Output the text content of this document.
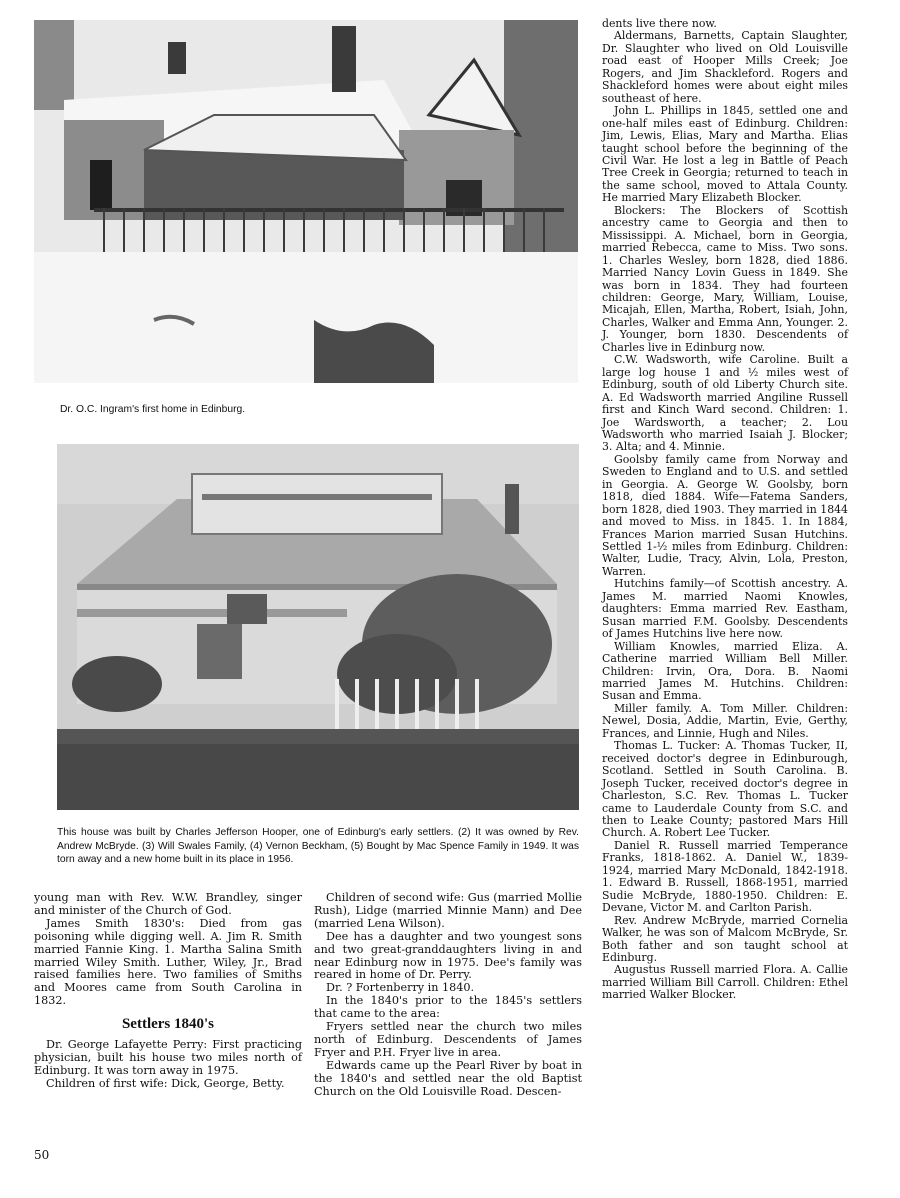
Dr. O.C. Ingram's first home in Edinburg.
This house was built by Charles Jefferson Hooper, one of Edinburg's early settlers. (2) It was owned by Rev. Andrew McBryde. (3) Will Swales Family, (4) Vernon Beckham, (5) Bought by Mac Spence Family in 1949. It was torn away and a new home built in its place in 1956.

young man with Rev. W.W. Brandley, singer and minister of the Church of God.

James Smith 1830's: Died from gas poisoning while digging well. A. Jim R. Smith married Fannie King. 1. Martha Salina Smith married Wiley Smith. Luther, Wiley, Jr., Brad raised families here. Two families of Smiths and Moores came from South Carolina in 1832.

Settlers 1840's

Dr. George Lafayette Perry: First practicing physician, built his house two miles north of Edinburg. It was torn away in 1975.

Children of first wife: Dick, George, Betty.

Children of second wife: Gus (married Mollie Rush), Lidge (married Minnie Mann) and Dee (married Lena Wilson).

Dee has a daughter and two youngest sons and two great-granddaughters living in and near Edinburg now in 1975. Dee's family was reared in home of Dr. Perry.

Dr. ? Fortenberry in 1840.

In the 1840's prior to the 1845's settlers that came to the area:

Fryers settled near the church two miles north of Edinburg. Descendents of James Fryer and P.H. Fryer live in area.

Edwards came up the Pearl River by boat in the 1840's and settled near the old Baptist Church on the Old Louisville Road. Descen-

dents live there now.

Aldermans, Barnetts, Captain Slaughter, Dr. Slaughter who lived on Old Louisville road east of Hooper Mills Creek; Joe Rogers, and Jim Shackleford. Rogers and Shackleford homes were about eight miles southeast of here.

John L. Phillips in 1845, settled one and one-half miles east of Edinburg. Children: Jim, Lewis, Elias, Mary and Martha. Elias taught school before the beginning of the Civil War. He lost a leg in Battle of Peach Tree Creek in Georgia; returned to teach in the same school, moved to Attala County. He married Mary Elizabeth Blocker.

Blockers: The Blockers of Scottish ancestry came to Georgia and then to Mississippi. A. Michael, born in Georgia, married Rebecca, came to Miss. Two sons. 1. Charles Wesley, born 1828, died 1886. Married Nancy Lovin Guess in 1849. She was born in 1834. They had fourteen children: George, Mary, William, Louise, Micajah, Ellen, Martha, Robert, Isiah, John, Charles, Walker and Emma Ann, Younger. 2. J. Younger, born 1830. Descendents of Charles live in Edinburg now.

C.W. Wadsworth, wife Caroline. Built a large log house 1 and ½ miles west of Edinburg, south of old Liberty Church site. A. Ed Wadsworth married Angiline Russell first and Kinch Ward second. Children: 1. Joe Wardsworth, a teacher; 2. Lou Wadsworth who married Isaiah J. Blocker; 3. Alta; and 4. Minnie.

Goolsby family came from Norway and Sweden to England and to U.S. and settled in Georgia. A. George W. Goolsby, born 1818, died 1884. Wife—Fatema Sanders, born 1828, died 1903. They married in 1844 and moved to Miss. in 1845. 1. In 1884, Frances Marion married Susan Hutchins. Settled 1-½ miles from Edinburg. Children: Walter, Ludie, Tracy, Alvin, Lola, Preston, Warren.

Hutchins family—of Scottish ancestry. A. James M. married Naomi Knowles, daughters: Emma married Rev. Eastham, Susan married F.M. Goolsby. Descendents of James Hutchins live here now.

William Knowles, married Eliza. A. Catherine married William Bell Miller. Children: Irvin, Ora, Dora. B. Naomi married James M. Hutchins. Children: Susan and Emma.

Miller family. A. Tom Miller. Children: Newel, Dosia, Addie, Martin, Evie, Gerthy, Frances, and Linnie, Hugh and Niles.

Thomas L. Tucker: A. Thomas Tucker, II, received doctor's degree in Edinburough, Scotland. Settled in South Carolina. B. Joseph Tucker, received doctor's degree in Charleston, S.C. Rev. Thomas L. Tucker came to Lauderdale County from S.C. and then to Leake County; pastored Mars Hill Church. A. Robert Lee Tucker.

Daniel R. Russell married Temperance Franks, 1818-1862. A. Daniel W., 1839-1924, married Mary McDonald, 1842-1918. 1. Edward B. Russell, 1868-1951, married Sudie McBryde, 1880-1950. Children: E. Devane, Victor M. and Carlton Parish.

Rev. Andrew McBryde, married Cornelia Walker, he was son of Malcom McBryde, Sr. Both father and son taught school at Edinburg.

Augustus Russell married Flora. A. Callie married William Bill Carroll. Children: Ethel married Walker Blocker.

50
